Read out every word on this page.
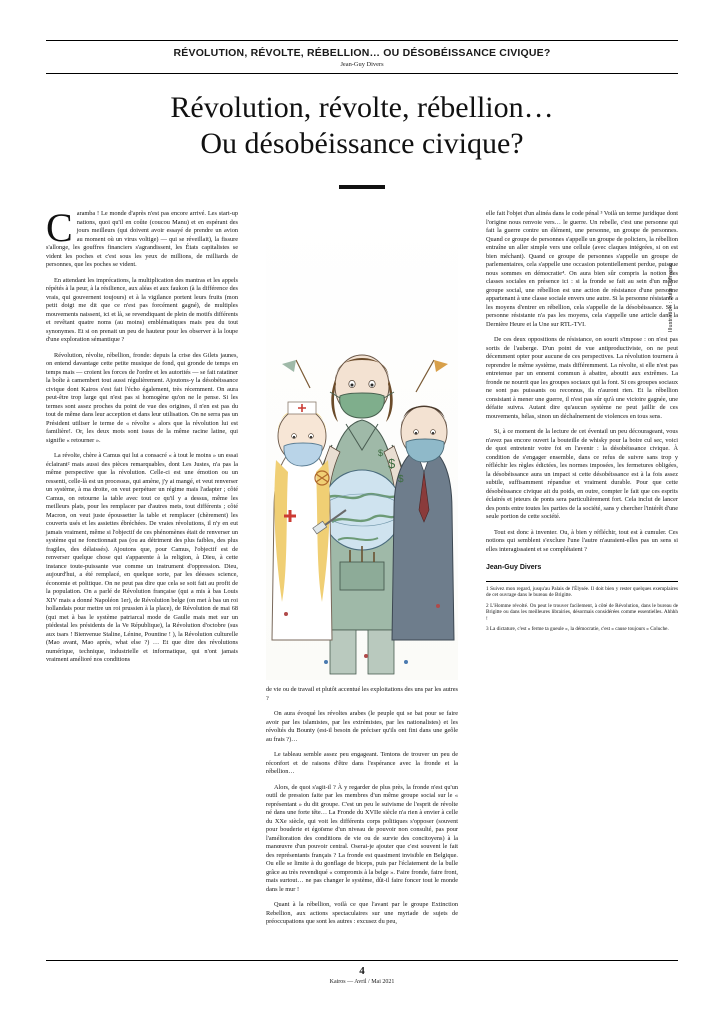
RÉVOLUTION, RÉVOLTE, RÉBELLION… OU DÉSOBÉISSANCE CIVIQUE?
Jean-Guy Divers
Révolution, révolte, rébellion…
Ou désobéissance civique?
Illustration : Julie Dufrasne

Caramba ! Le monde d'après n'est pas encore arrivé. Les start-up nations, quoi qu'il en coûte (coucou Manu) et en espérant des jours meilleurs (qui doivent avoir essayé de prendre un avion au moment où un virus voltige) — qui se réveillait), la fissure s'allonge, les gouffres financiers s'agrandissent, les États capitalistes se vident les poches et c'est sous les yeux de millions, de milliards de personnes, que les poches se vident.

En attendant les imprécations, la multiplication des mantras et les appels répétés à la peur, à la résilience, aux aléas et aux faukon (à la différence des vrais, qui gouvernent toujours) et à la vigilance portent leurs fruits (mon petit doigt me dit que ce n'est pas forcément gagné), de multiples mouvements naissent, ici et là, se revendiquant de plein de motifs différents et revêtant quatre noms (au moins) emblématiques mais peu du tout synonymes. Et si on prenait un peu de hauteur pour les observer à la loupe d'une exploration sémantique ?

Révolution, révolte, rébellion, fronde: depuis la crise des Gilets jaunes, on entend davantage cette petite musique de fond, qui gronde de temps en temps mais — croient les forces de l'ordre et les autorités — se fait ratatiner la boîte à camembert tout aussi régulièrement. Ajoutons-y la désobéissance civique dont Kairos s'est fait l'écho également, très récemment. On aura peut-être trop large qui n'est pas si homogène qu'on ne le pense. Si les termes sont assez proches du point de vue des origines, il n'en est pas du tout de même dans leur acception et dans leur utilisation. On ne serra pas un Président utiliser le terme de « révolte » alors que la révolution lui est familière!. Or, les deux mots sont issus de la même racine latine, qui signifie « retourner ».

La révolte, chère à Camus qui lui a consacré « à tout le moins » un essai éclairant² mais aussi des pièces remarquables, dont Les Justes, n'a pas la même perspective que la révolution. Celle-ci est une émotion ou un ressenti, celle-là est un processus, qui amène, j'y ai mangé, et veut renverser un système, à ma droite, on veut perpétuer un régime mais l'adapter ; côté Camus, on retourne la table avec tout ce qu'il y a dessus, même les meilleurs plats, pour les remplacer par d'autres mets, tout différents ; côté Macron, on veut juste époussetter la table et remplacer (chèrement) les couverts usés et les assiettes ébréchées. De vraies révolutions, il n'y en eut jamais vraiment, même si l'objectif de ces phénomènes était de renverser un système qui ne fonctionnait pas (ou au détriment des plus faibles, des plus fragiles, des délaissés). Ajoutons que, pour Camus, l'objectif est de renverser quelque chose qui s'apparente à la religion, à Dieu, à cette instance toute-puissante vue comme un instrument d'oppression. Dieu, aujourd'hui, a été remplacé, en quelque sorte, par les déesses science, économie et politique. On ne peut pas dire que cela se soit fait au profit de la population. On a parlé de Révolution française (qui a mis à bas Louis XIV mais a donné Napoléon 1er), de Révolution belge (on met à bas un roi hollandais pour mettre un roi prussien à la place), de Révolution de mai 68 (qui met à bas le système patriarcal mode de Gaulle mais met sur un piédestal les présidents de la Ve République), la Révolution d'octobre (sus aux tsars ! Bienvenue Staline, Lénine, Pountine ! ), la Révolution culturelle (Mao avant, Mao après, what else ?) … Et que dire des révolutions numérique, technique, industrielle et informatique, qui n'ont jamais vraiment amélioré nos conditions

$
$
$

de vie ou de travail et plutôt accentué les exploitations des uns par les autres ?

On aura évoqué les révoltes arabes (le peuple qui se bat pour se faire avoir par les islamistes, par les extrémistes, par les nationalistes) et les révoltés du Bounty (est-il besoin de préciser qu'ils ont fini dans une geôle au frais ?)…

Le tableau semble assez peu engageant. Tentons de trouver un peu de réconfort et de raisons d'être dans l'espérance avec la fronde et la rébellion…

Alors, de quoi s'agit-il ? À y regarder de plus près, la fronde n'est qu'un outil de pression faite par les membres d'un même groupe social sur le « représentant » du dit groupe. C'est un peu le suivisme de l'esprit de révolte né dans une forte tête… La Fronde du XVIIe siècle n'a rien à envier à celle du XXe siècle, qui voit les différents corps politiques s'opposer (souvent pour bouderie et égoïsme d'un niveau de pouvoir non consulté, pas pour l'amélioration des conditions de vie ou de survie des concitoyens) à la manœuvre d'un pouvoir central. Oserai-je ajouter que c'est souvent le fait des représentants français ? La fronde est quasiment invisible en Belgique. Ou elle se limite à du gonflage de biceps, puis par l'éclatement de la bulle grâce au très revendiqué « compromis à la belge ». Faire fronde, faire front, mais surtout… ne pas changer le système, dût-il faire foncer tout le monde dans le mur !

Quant à la rébellion, voilà ce que l'avant par le groupe Extinction Rebellion, aux actions spectaculaires sur une myriade de sujets de préoccupations que sont les autres : excusez du peu,

elle fait l'objet d'un alinéa dans le code pénal ³ Voilà un terme juridique dont l'origine nous renvoie vers… le guerre. Un rebelle, c'est une personne qui fait la guerre contre un élément, une personne, un groupe de personnes. Quand ce groupe de personnes s'appelle un groupe de policiers, la rébellion entraîne un aller simple vers une cellule (avec claques intégrées, si on est bien méchant). Quand ce groupe de personnes s'appelle un groupe de parlementaires, cela s'appelle une occasion potentiellement perdue, puisque nous sommes en démocratie⁴. On aura bien sûr compris la notion des classes sociales en présence ici : si la fronde se fait au sein d'un même groupe social, une rébellion est une action de résistance d'une personne appartenant à une classe sociale envers une autre. Si la personne résistante a les moyens d'entrer en rébellion, cela s'appelle de la désobéissance. Si la personne résistante n'a pas les moyens, cela s'appelle une article dans la Dernière Heure et la Une sur RTL-TVI.

De ces deux oppositions de résistance, on sourit s'impose : on n'est pas sortis de l'auberge. D'un point de vue antiproductiviste, on ne peut décemment opter pour aucune de ces perspectives. La révolution tournera à reprendre le même système, mais différemment. La révolte, si elle n'est pas entretenue par un ennemi commun à abattre, aboutit aux extrêmes. La fronde ne nourrit que les groupes sociaux qui la font. Si ces groupes sociaux ne sont pas puissants ou reconnus, ils n'auront rien. Et la rébellion consistant à mener une guerre, il n'est pas sûr qu'à une victoire gagnée, une défaite suivra. Autant dire qu'aucun système ne peut jaillir de ces mouvements, hélas, sinon un déchaînement de violences en tous sens.

Si, à ce moment de la lecture de cet éventail un peu décourageant, vous n'avez pas encore ouvert la bouteille de whisky pour la boire cul sec, voici de quoi entretenir votre foi en l'avenir : la désobéissance civique. À condition de s'engager ensemble, dans ce refus de suivre sans trop y réfléchir les règles édictées, les normes imposées, les fermetures obligées, la désobéissance aura un impact si cette désobéissance est à la fois assez subtile, suffisamment répandue et vraiment durable. Pour que cette désobéissance civique ait du poids, en outre, compter le fait que ces esprits éclairés et jeteurs de ponts sera particulièrement fort. Cela inclut de lancer des ponts entre toutes les parties de la société, sans y chercher l'intérêt d'une seule portion de cette société.

Tout est donc à inventer. Ou, à bien y réfléchir, tout est à cumuler. Ces notions qui semblent s'exclure l'une l'autre n'auraient-elles pas un sens si elles interagissaient et se complétaient ?

Jean-Guy Divers

1 Suivez mon regard, jusqu'au Palais de l'Élysée. Il doit bien y rester quelques exemplaires de cet ouvrage dans le bureau de Brigitte.

2 L'Homme révolté. On peut le trouver facilement, à côté de Révolution, dans le bureau de Brigitte ou dans les meilleures librairies, désormais considérées comme essentielles. Ahhhh !

3 La dictature, c'est « ferme ta gueule », la démocratie, c'est « cause toujours » Coluche.

4
Kairos — Avril / Mai 2021
